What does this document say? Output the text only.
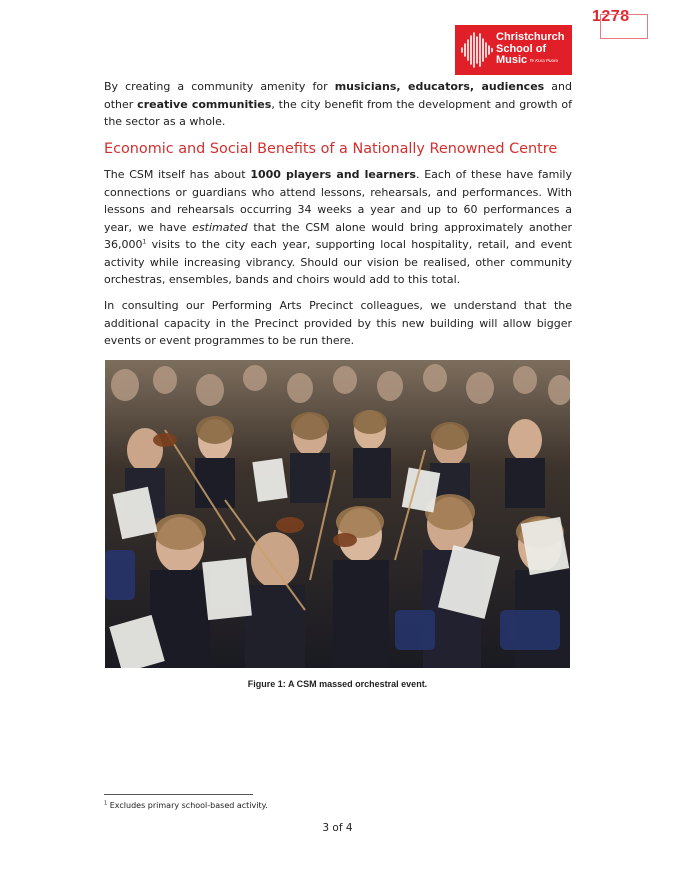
1278
Christchurch
School of
Music Te Kura Puoro
By creating a community amenity for musicians, educators, audiences and other creative communities, the city benefit from the development and growth of the sector as a whole.
Economic and Social Benefits of a Nationally Renowned Centre
The CSM itself has about 1000 players and learners. Each of these have family connections or guardians who attend lessons, rehearsals, and performances. With lessons and rehearsals occurring 34 weeks a year and up to 60 performances a year, we have estimated that the CSM alone would bring approximately another 36,000$^1$ visits to the city each year, supporting local hospitality, retail, and event activity while increasing vibrancy. Should our vision be realised, other community orchestras, ensembles, bands and choirs would add to this total.
In consulting our Performing Arts Precinct colleagues, we understand that the additional capacity in the Precinct provided by this new building will allow bigger events or event programmes to be run there.
Figure 1: A CSM massed orchestral event.
$^1$ Excludes primary school-based activity.
3 of 4
